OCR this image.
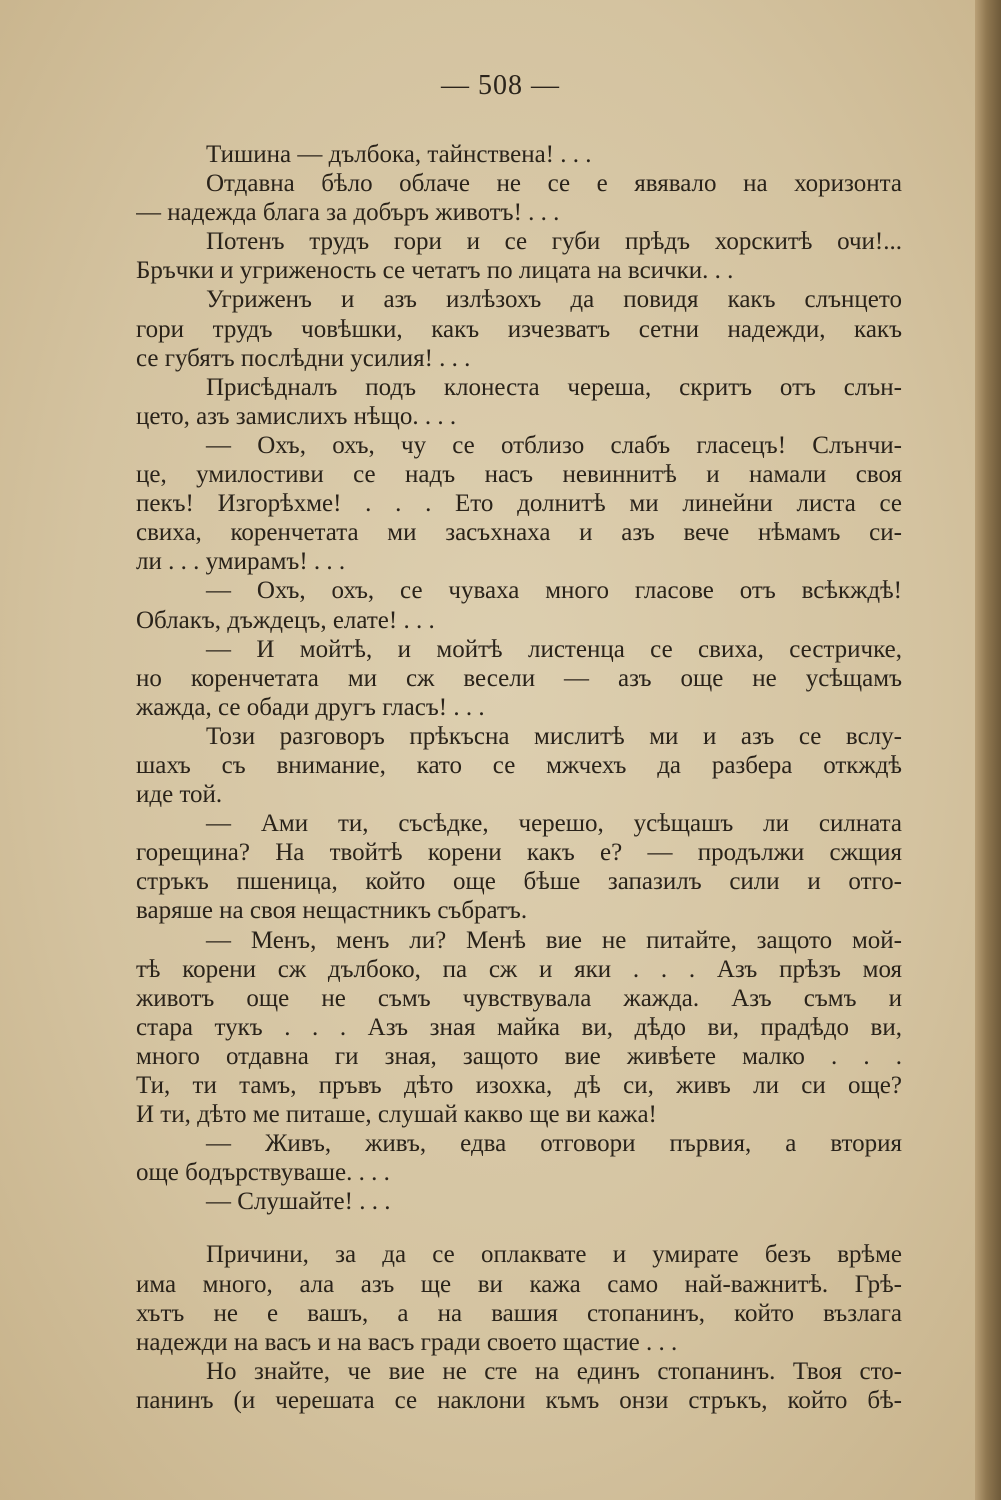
— 508 —
Тишина — дълбока, тайнствена! . . .
Отдавна бѣло облаче не се е явявало на хоризонта
— надежда блага за добъръ животъ! . . .
Потенъ трудъ гори и се губи прѣдъ хорскитѣ очи!...
Бръчки и угриженость се четатъ по лицата на всички. . .
Угриженъ и азъ излѣзохъ да повидя какъ слънцето
гори трудъ човѣшки, какъ изчезватъ сетни надежди, какъ
се губятъ послѣдни усилия! . . .
Присѣдналъ подъ клонеста череша, скритъ отъ слън-
цето, азъ замислихъ нѣщо. . . .
— Охъ, охъ, чу се отблизо слабъ гласецъ! Слънчи-
це, умилостиви се надъ насъ невиннитѣ и намали своя
пекъ! Изгорѣхме! . . . Ето долнитѣ ми линейни листа се
свиха, коренчетата ми засъхнаха и азъ вече нѣмамъ си-
ли . . . умирамъ! . . .
— Охъ, охъ, се чуваха много гласове отъ всѣкждѣ!
Облакъ, дъждецъ, елате! . . .
— И мойтѣ, и мойтѣ листенца се свиха, сестричке,
но коренчетата ми сж весели — азъ още не усѣщамъ
жажда, се обади другъ гласъ! . . .
Този разговоръ прѣкъсна мислитѣ ми и азъ се вслу-
шахъ съ внимание, като се мжчехъ да разбера откждѣ
иде той.
— Ами ти, съсѣдке, черешо, усѣщашъ ли силната
горещина? На твойтѣ корени какъ е? — продължи сжщия
стръкъ пшеница, който още бѣше запазилъ сили и отго-
варяше на своя нещастникъ събратъ.
— Менъ, менъ ли? Менѣ вие не питайте, защото мой-
тѣ корени сж дълбоко, па сж и яки . . . Азъ прѣзъ моя
животъ още не съмъ чувствувала жажда. Азъ съмъ и
стара тукъ . . . Азъ зная майка ви, дѣдо ви, прадѣдо ви,
много отдавна ги зная, защото вие живѣете малко . . .
Ти, ти тамъ, пръвъ дѣто изохка, дѣ си, живъ ли си още?
И ти, дѣто ме питаше, слушай какво ще ви кажа!
— Живъ, живъ, едва отговори първия, а втория
още бодърствуваше. . . .
— Слушайте! . . .
Причини, за да се оплаквате и умирате безъ врѣме
има много, ала азъ ще ви кажа само най-важнитѣ. Грѣ-
хътъ не е вашъ, а на вашия стопанинъ, който възлага
надежди на васъ и на васъ гради своето щастие . . .
Но знайте, че вие не сте на единъ стопанинъ. Твоя сто-
панинъ (и черешата се наклони къмъ онзи стръкъ, който бѣ-
